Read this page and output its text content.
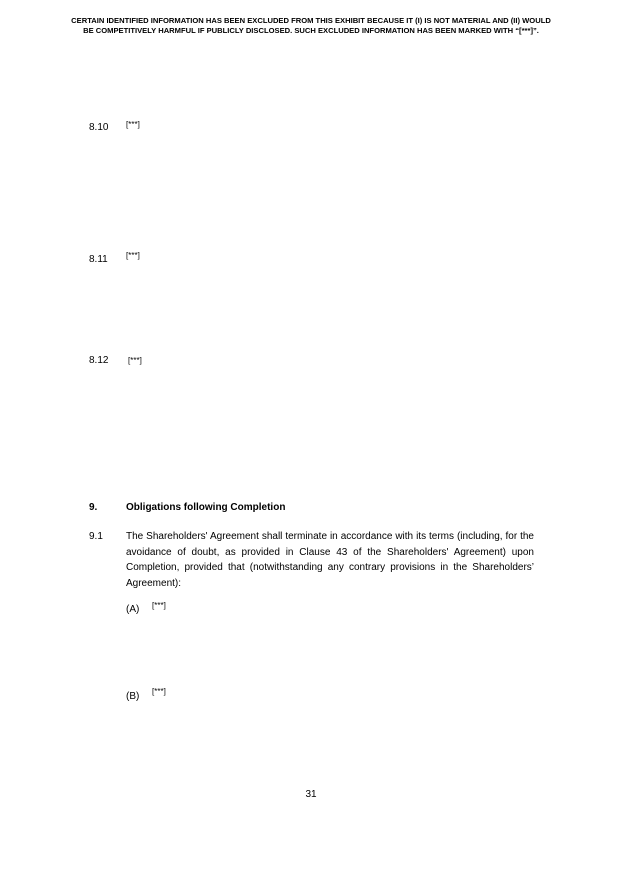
CERTAIN IDENTIFIED INFORMATION HAS BEEN EXCLUDED FROM THIS EXHIBIT BECAUSE IT (I) IS NOT MATERIAL AND (II) WOULD
BE COMPETITIVELY HARMFUL IF PUBLICLY DISCLOSED. SUCH EXCLUDED INFORMATION HAS BEEN MARKED WITH “[***]”.
8.10 [***]
8.11 [***]
8.12 [***]
9.	Obligations following Completion
9.1 The Shareholders' Agreement shall terminate in accordance with its terms (including, for the avoidance of doubt, as provided in Clause 43 of the Shareholders' Agreement) upon Completion, provided that (notwithstanding any contrary provisions in the Shareholders’ Agreement):
(A) [***]
(B) [***]
31
